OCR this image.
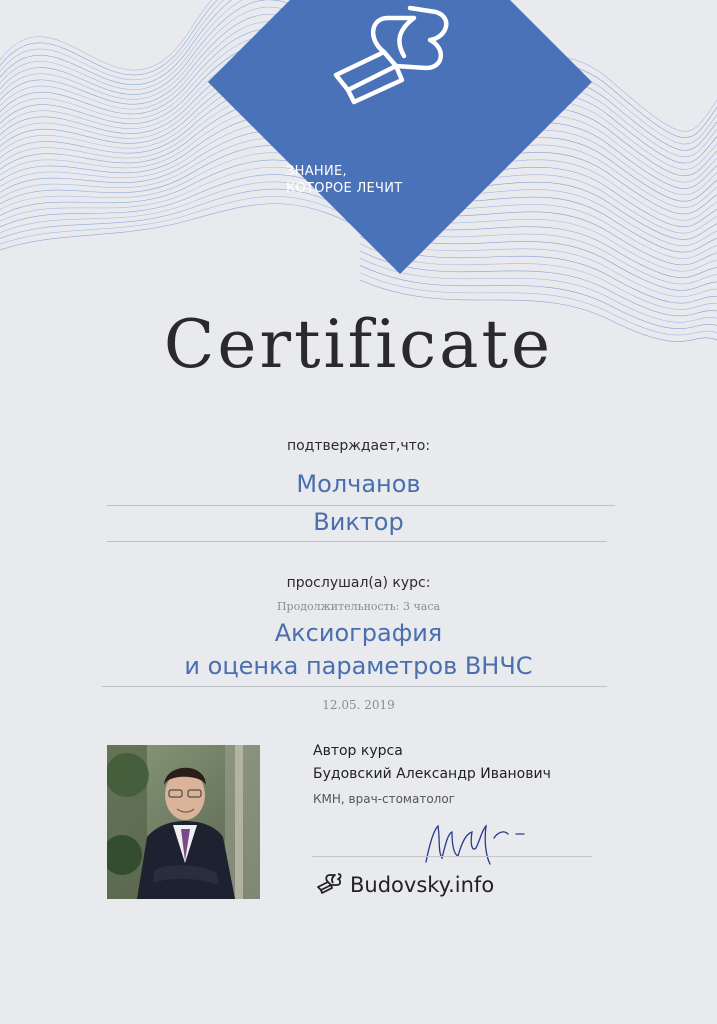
ЗНАНИЕ,
КОТОРОЕ ЛЕЧИТ
Certificate
подтверждает,что:
Молчанов
Виктор
прослушал(а) курс:
Продолжительность: 3 часа
Аксиография
и оценка параметров ВНЧС
12.05. 2019
Автор курса
Будовский Александр Иванович
КМН, врач-стоматолог
Budovsky.info
